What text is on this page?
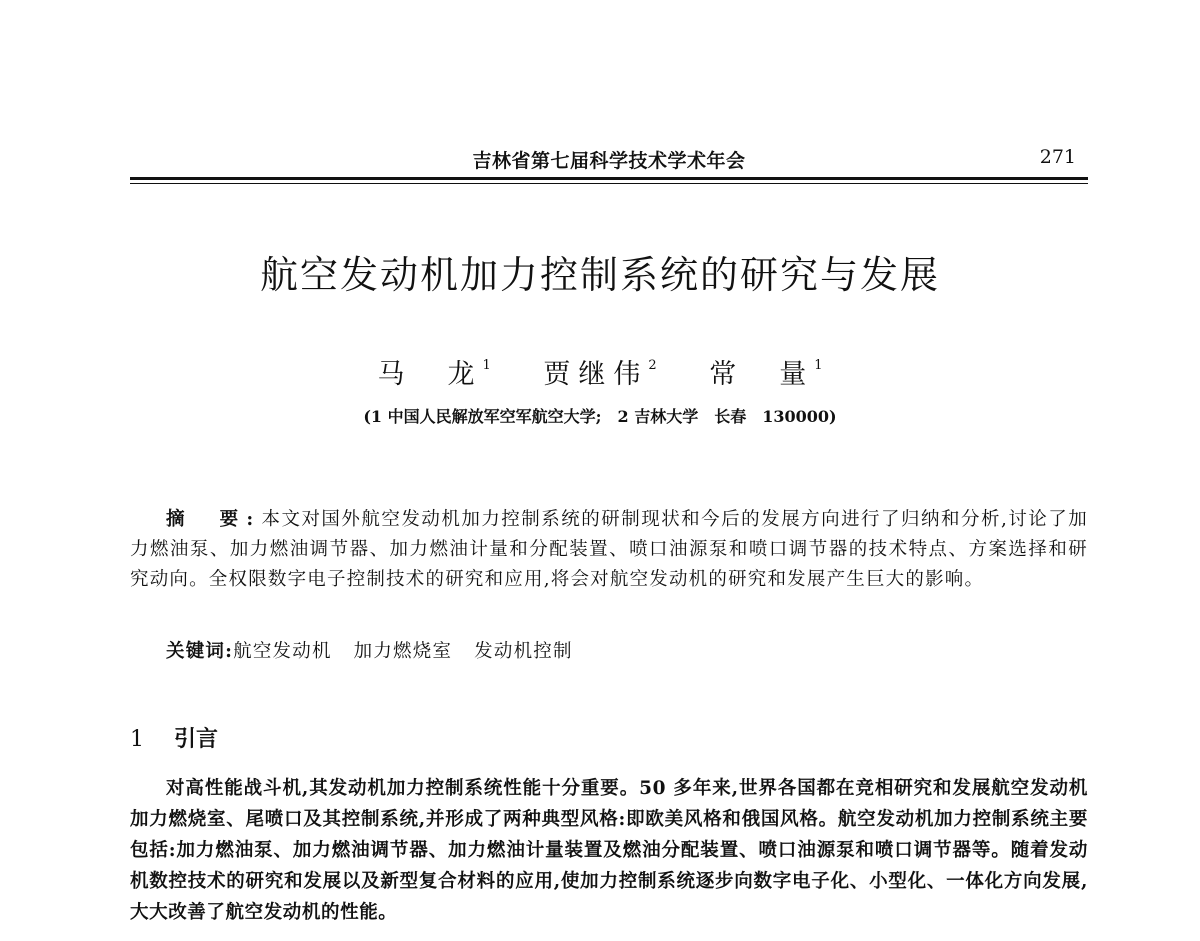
吉林省第七届科学技术学术年会	271
航空发动机加力控制系统的研究与发展
马　龙$^1$ 贾继伟$^2$ 常　量$^1$
(1 中国人民解放军空军航空大学;　2 吉林大学　长春　130000)
摘　要:本文对国外航空发动机加力控制系统的研制现状和今后的发展方向进行了归纳和分析,讨论了加力燃油泵、加力燃油调节器、加力燃油计量和分配装置、喷口油源泵和喷口调节器的技术特点、方案选择和研究动向。全权限数字电子控制技术的研究和应用,将会对航空发动机的研究和发展产生巨大的影响。
关键词:航空发动机 加力燃烧室 发动机控制
1 引言
对高性能战斗机,其发动机加力控制系统性能十分重要。50 多年来,世界各国都在竞相研究和发展航空发动机加力燃烧室、尾喷口及其控制系统,并形成了两种典型风格:即欧美风格和俄国风格。航空发动机加力控制系统主要包括:加力燃油泵、加力燃油调节器、加力燃油计量装置及燃油分配装置、喷口油源泵和喷口调节器等。随着发动机数控技术的研究和发展以及新型复合材料的应用,使加力控制系统逐步向数字电子化、小型化、一体化方向发展,大大改善了航空发动机的性能。
